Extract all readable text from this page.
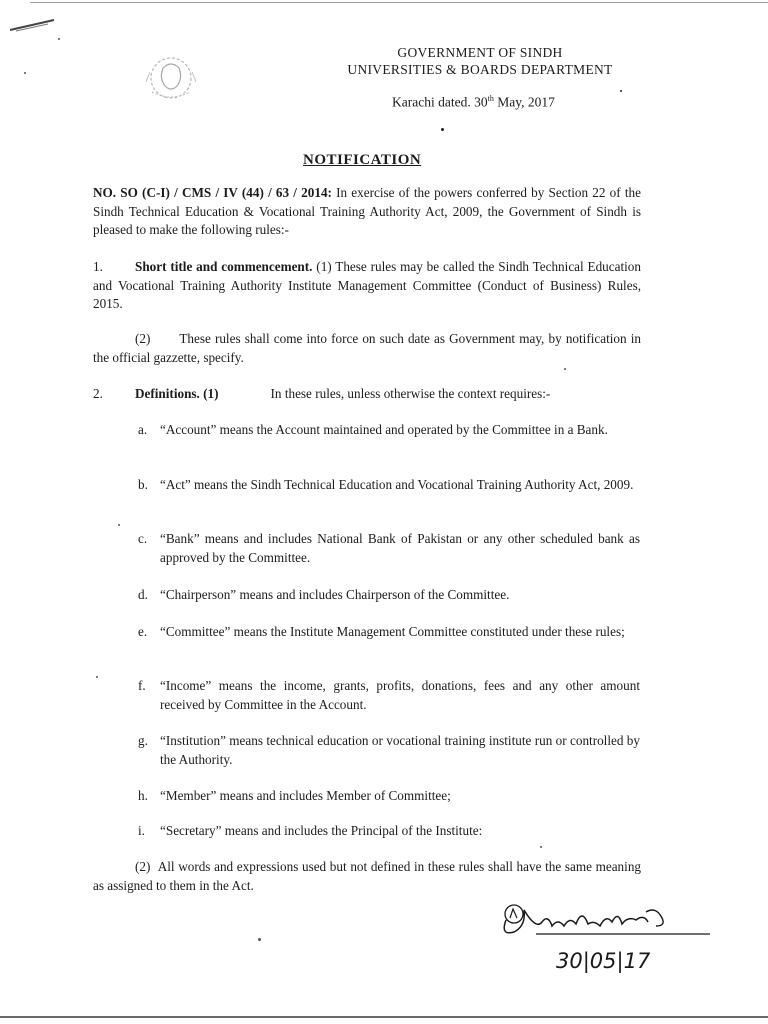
GOVERNMENT OF SINDH
UNIVERSITIES & BOARDS DEPARTMENT
Karachi dated. 30th May, 2017
NOTIFICATION
NO. SO (C-I) / CMS / IV (44) / 63 / 2014: In exercise of the powers conferred by Section 22 of the Sindh Technical Education & Vocational Training Authority Act, 2009, the Government of Sindh is pleased to make the following rules:-
1. Short title and commencement. (1) These rules may be called the Sindh Technical Education and Vocational Training Authority Institute Management Committee (Conduct of Business) Rules, 2015.
(2) These rules shall come into force on such date as Government may, by notification in the official gazzette, specify.
2. Definitions. (1)	In these rules, unless otherwise the context requires:-
a. “Account” means the Account maintained and operated by the Committee in a Bank.
b. “Act” means the Sindh Technical Education and Vocational Training Authority Act, 2009.
c. “Bank” means and includes National Bank of Pakistan or any other scheduled bank as approved by the Committee.
d. “Chairperson” means and includes Chairperson of the Committee.
e. “Committee” means the Institute Management Committee constituted under these rules;
f. “Income” means the income, grants, profits, donations, fees and any other amount received by Committee in the Account.
g. “Institution” means technical education or vocational training institute run or controlled by the Authority.
h. “Member” means and includes Member of Committee;
i. “Secretary” means and includes the Principal of the Institute:
(2) All words and expressions used but not defined in these rules shall have the same meaning as assigned to them in the Act.
30|05|17
